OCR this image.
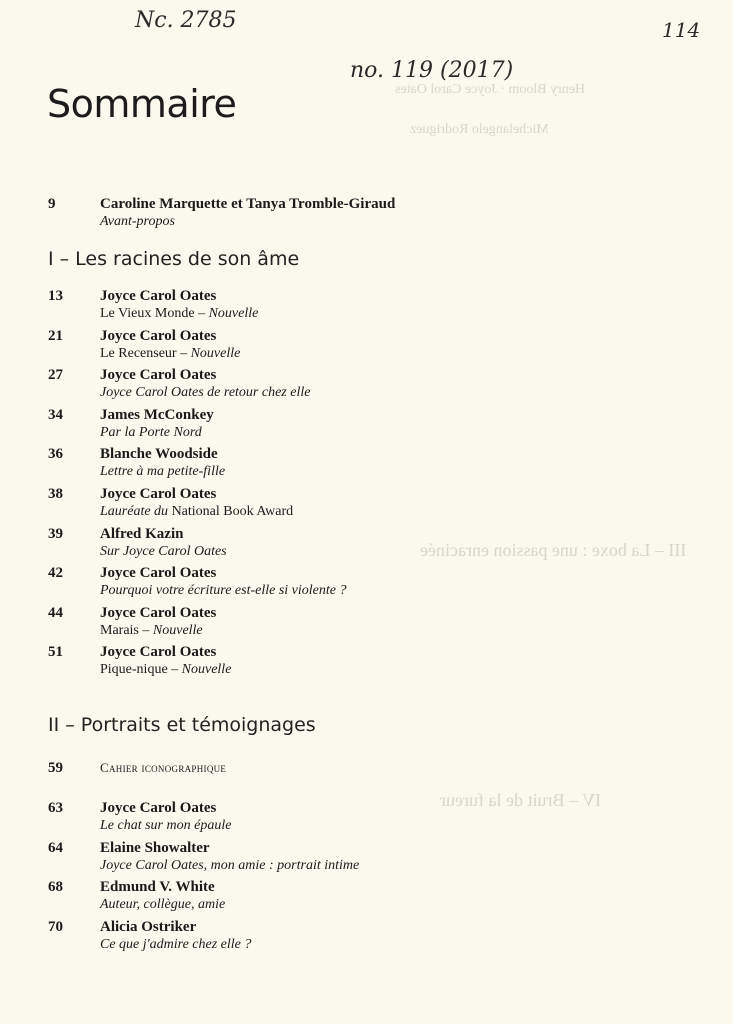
Henry Bloom · Joyce Carol Oates
Michelangelo Rodriguez
III – La boxe : une passion enracinée
IV – Bruit de la fureur
Nc. 2785
no. 119 (2017)
114
Sommaire
9	Caroline Marquette et Tanya Tromble-Giraud
Avant-propos
I – Les racines de son âme
13 Joyce Carol Oates
Le Vieux Monde – Nouvelle
21 Joyce Carol Oates
Le Recenseur – Nouvelle
27 Joyce Carol Oates
Joyce Carol Oates de retour chez elle
34 James McConkey
Par la Porte Nord
36 Blanche Woodside
Lettre à ma petite-fille
38 Joyce Carol Oates
Lauréate du National Book Award
39 Alfred Kazin
Sur Joyce Carol Oates
42 Joyce Carol Oates
Pourquoi votre écriture est-elle si violente ?
44 Joyce Carol Oates
Marais – Nouvelle
51 Joyce Carol Oates
Pique-nique – Nouvelle
II – Portraits et témoignages
59	Cahier iconographique
63 Joyce Carol Oates
Le chat sur mon épaule
64 Elaine Showalter
Joyce Carol Oates, mon amie : portrait intime
68 Edmund V. White
Auteur, collègue, amie
70 Alicia Ostriker
Ce que j'admire chez elle ?
